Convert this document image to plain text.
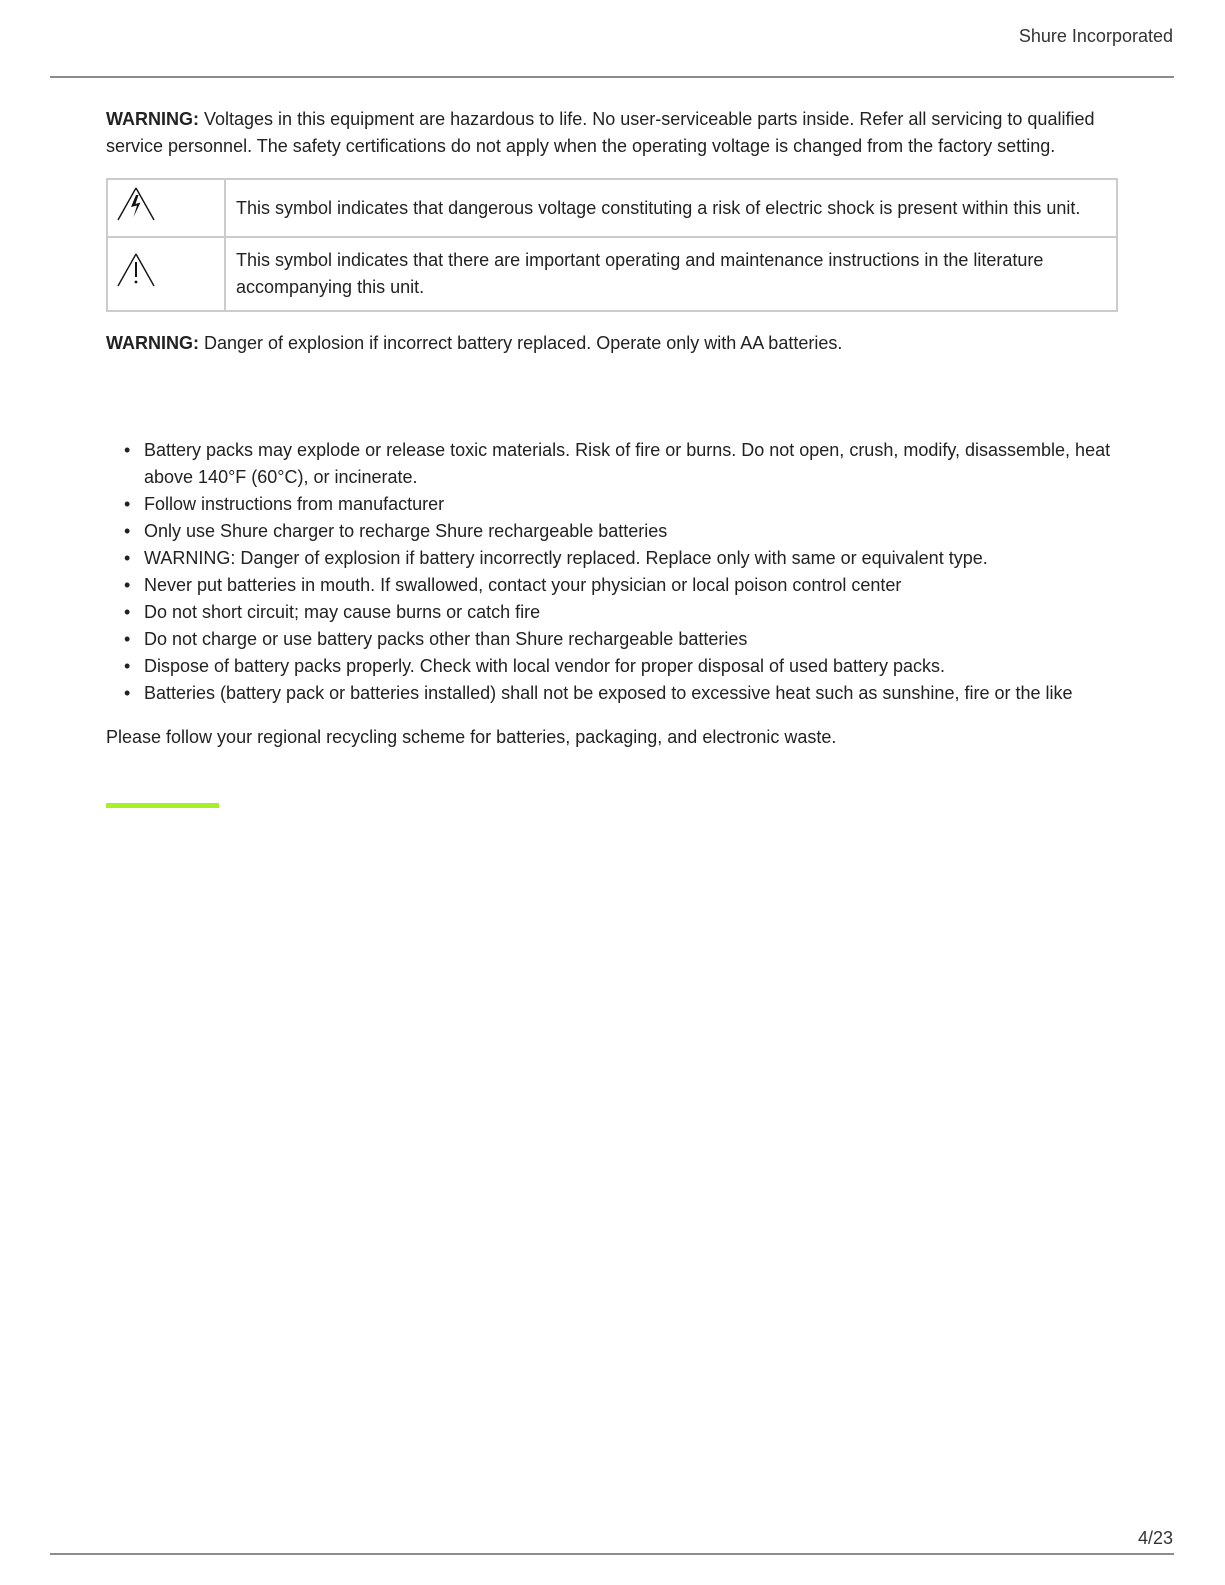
Shure Incorporated

WARNING: Voltages in this equipment are hazardous to life. No user-serviceable parts inside. Refer all servicing to qualified service personnel. The safety certifications do not apply when the operating voltage is changed from the factory setting.

	This symbol indicates that dangerous voltage constituting a risk of electric shock is present within this unit.
	This symbol indicates that there are important operating and maintenance instructions in the literature accompanying this unit.

WARNING: Danger of explosion if incorrect battery replaced. Operate only with AA batteries.

• Battery packs may explode or release toxic materials. Risk of fire or burns. Do not open, crush, modify, disassemble, heat above 140°F (60°C), or incinerate.
• Follow instructions from manufacturer
• Only use Shure charger to recharge Shure rechargeable batteries
• WARNING: Danger of explosion if battery incorrectly replaced. Replace only with same or equivalent type.
• Never put batteries in mouth. If swallowed, contact your physician or local poison control center
• Do not short circuit; may cause burns or catch fire
• Do not charge or use battery packs other than Shure rechargeable batteries
• Dispose of battery packs properly. Check with local vendor for proper disposal of used battery packs.
• Batteries (battery pack or batteries installed) shall not be exposed to excessive heat such as sunshine, fire or the like

Please follow your regional recycling scheme for batteries, packaging, and electronic waste.

4/23
